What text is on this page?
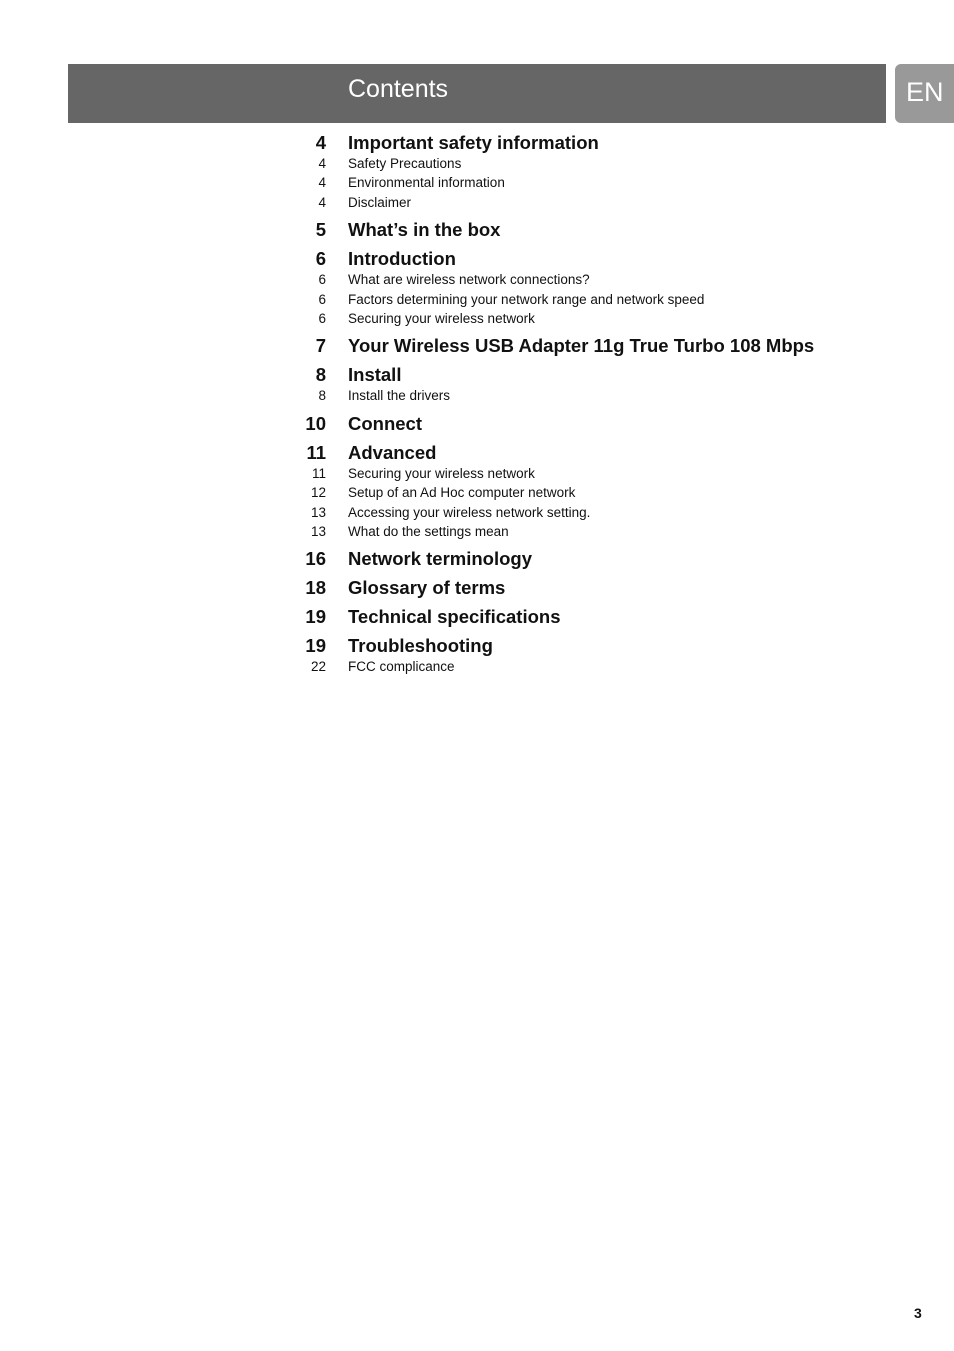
Contents	EN
4 Important safety information
4 Safety Precautions
4 Environmental information
4 Disclaimer
5 What’s in the box
6 Introduction
6 What are wireless network connections?
6 Factors determining your network range and network speed
6 Securing your wireless network
7 Your Wireless USB Adapter 11g True Turbo 108 Mbps
8 Install
8 Install the drivers
10 Connect
11 Advanced
11 Securing your wireless network
12 Setup of an Ad Hoc computer network
13 Accessing your wireless network setting.
13 What do the settings mean
16 Network terminology
18 Glossary of terms
19 Technical specifications
19 Troubleshooting
22 FCC complicance
3
